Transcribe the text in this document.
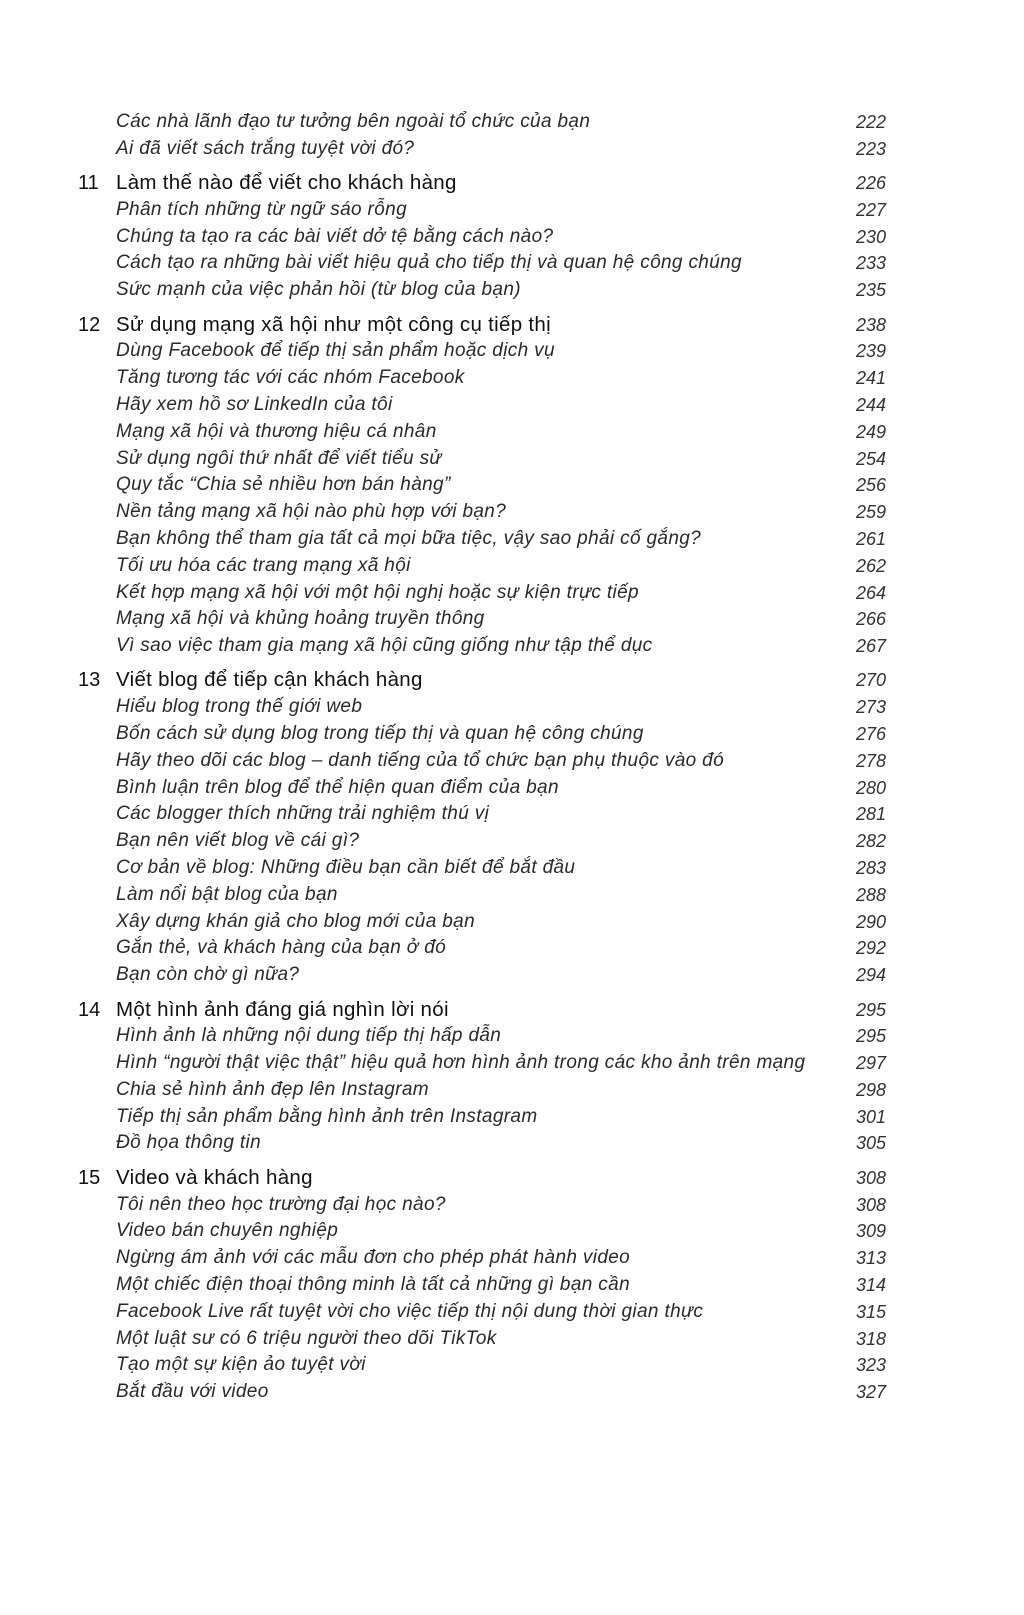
Các nhà lãnh đạo tư tưởng bên ngoài tổ chức của bạn	222
Ai đã viết sách trắng tuyệt vời đó?	223
11 Làm thế nào để viết cho khách hàng	226
Phân tích những từ ngữ sáo rỗng	227
Chúng ta tạo ra các bài viết dở tệ bằng cách nào?	230
Cách tạo ra những bài viết hiệu quả cho tiếp thị và quan hệ công chúng	233
Sức mạnh của việc phản hồi (từ blog của bạn)	235
12 Sử dụng mạng xã hội như một công cụ tiếp thị	238
Dùng Facebook để tiếp thị sản phẩm hoặc dịch vụ	239
Tăng tương tác với các nhóm Facebook	241
Hãy xem hồ sơ LinkedIn của tôi	244
Mạng xã hội và thương hiệu cá nhân	249
Sử dụng ngôi thứ nhất để viết tiểu sử	254
Quy tắc “Chia sẻ nhiều hơn bán hàng”	256
Nền tảng mạng xã hội nào phù hợp với bạn?	259
Bạn không thể tham gia tất cả mọi bữa tiệc, vậy sao phải cố gắng?	261
Tối ưu hóa các trang mạng xã hội	262
Kết hợp mạng xã hội với một hội nghị hoặc sự kiện trực tiếp	264
Mạng xã hội và khủng hoảng truyền thông	266
Vì sao việc tham gia mạng xã hội cũng giống như tập thể dục	267
13 Viết blog để tiếp cận khách hàng	270
Hiểu blog trong thế giới web	273
Bốn cách sử dụng blog trong tiếp thị và quan hệ công chúng	276
Hãy theo dõi các blog – danh tiếng của tổ chức bạn phụ thuộc vào đó	278
Bình luận trên blog để thể hiện quan điểm của bạn	280
Các blogger thích những trải nghiệm thú vị	281
Bạn nên viết blog về cái gì?	282
Cơ bản về blog: Những điều bạn cần biết để bắt đầu	283
Làm nổi bật blog của bạn	288
Xây dựng khán giả cho blog mới của bạn	290
Gắn thẻ, và khách hàng của bạn ở đó	292
Bạn còn chờ gì nữa?	294
14 Một hình ảnh đáng giá nghìn lời nói	295
Hình ảnh là những nội dung tiếp thị hấp dẫn	295
Hình “người thật việc thật” hiệu quả hơn hình ảnh trong các kho ảnh trên mạng	297
Chia sẻ hình ảnh đẹp lên Instagram	298
Tiếp thị sản phẩm bằng hình ảnh trên Instagram	301
Đồ họa thông tin	305
15 Video và khách hàng	308
Tôi nên theo học trường đại học nào?	308
Video bán chuyên nghiệp	309
Ngừng ám ảnh với các mẫu đơn cho phép phát hành video	313
Một chiếc điện thoại thông minh là tất cả những gì bạn cần	314
Facebook Live rất tuyệt vời cho việc tiếp thị nội dung thời gian thực	315
Một luật sư có 6 triệu người theo dõi TikTok	318
Tạo một sự kiện ảo tuyệt vời	323
Bắt đầu với video	327
